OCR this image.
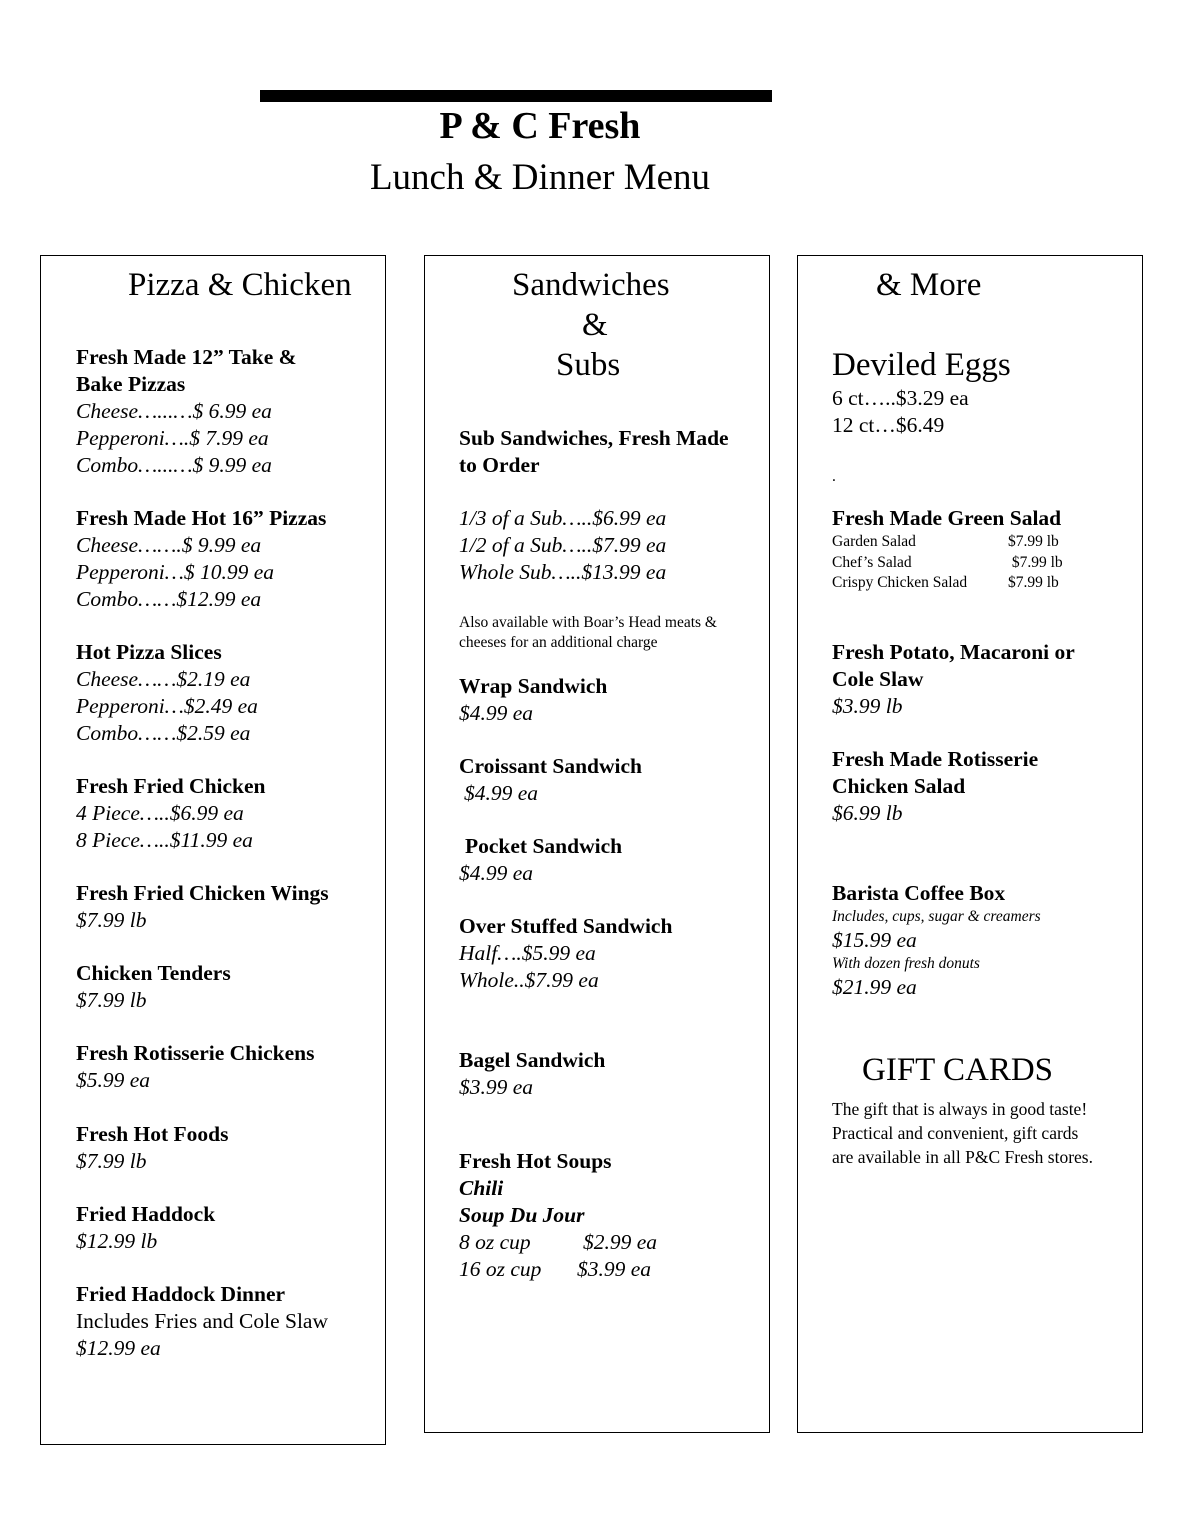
P & C Fresh
Lunch & Dinner Menu

Pizza & Chicken

Fresh Made 12” Take &

Bake Pizzas

Cheese…...…$ 6.99 ea

Pepperoni….$ 7.99 ea

Combo…...…$ 9.99 ea

Fresh Made Hot 16” Pizzas

Cheese…….$ 9.99 ea

Pepperoni…$ 10.99 ea

Combo……$12.99 ea

Hot Pizza Slices

Cheese……$2.19 ea

Pepperoni…$2.49 ea

Combo……$2.59 ea

Fresh Fried Chicken

4 Piece…..$6.99 ea

8 Piece…..$11.99 ea

Fresh Fried Chicken Wings

$7.99 lb

Chicken Tenders

$7.99 lb

Fresh Rotisserie Chickens

$5.99 ea

Fresh Hot Foods

$7.99 lb

Fried Haddock

$12.99 lb

Fried Haddock Dinner

Includes Fries and Cole Slaw

$12.99 ea

Sandwiches

&

Subs

Sub Sandwiches, Fresh Made

to Order

1/3 of a Sub…..$6.99 ea

1/2 of a Sub…..$7.99 ea

Whole Sub…..$13.99 ea

Also available with Boar’s Head meats &

cheeses for an additional charge

Wrap Sandwich

$4.99 ea

Croissant Sandwich

$4.99 ea

Pocket Sandwich

$4.99 ea

Over Stuffed Sandwich

Half….$5.99 ea

Whole..$7.99 ea

Bagel Sandwich

$3.99 ea

Fresh Hot Soups

Chili

Soup Du Jour

8 oz cup	$2.99 ea
16 oz cup	$3.99 ea

& More

Deviled Eggs

6 ct…..$3.29 ea

12 ct…$6.49

.

Fresh Made Green Salad

Garden Salad	$7.99 lb
Chef’s Salad	$7.99 lb
Crispy Chicken Salad	$7.99 lb

Fresh Potato, Macaroni or

Cole Slaw

$3.99 lb

Fresh Made Rotisserie

Chicken Salad

$6.99 lb

Barista Coffee Box

Includes, cups, sugar & creamers

$15.99 ea

With dozen fresh donuts

$21.99 ea

GIFT CARDS

The gift that is always in good taste!

Practical and convenient, gift cards

are available in all P&C Fresh stores.
